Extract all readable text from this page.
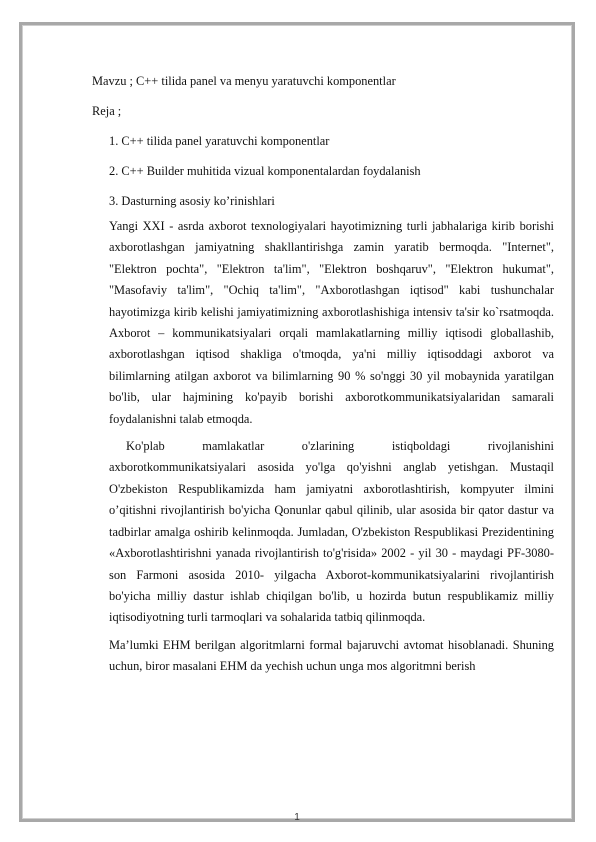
Mavzu ; C++ tilida panel va menyu yaratuvchi komponentlar

Reja ;

1. C++ tilida panel yaratuvchi komponentlar

2. C++ Builder muhitida vizual komponentalardan foydalanish

3. Dasturning asosiy ko’rinishlari

Yangi XXI - asrda axborot texnologiyalari hayotimizning turli jabhalariga kirib borishi axborotlashgan jamiyatning shakllantirishga zamin yaratib bermoqda. "Internet", "Elektron pochta", "Elektron ta'lim", "Elektron boshqaruv", "Elektron hukumat", "Masofaviy ta'lim", "Ochiq ta'lim", "Axborotlashgan iqtisod" kabi tushunchalar hayotimizga kirib kelishi jamiyatimizning axborotlashishiga intensiv ta'sir ko`rsatmoqda. Axborot – kommunikatsiyalari orqali mamlakatlarning milliy iqtisodi globallashib, axborotlashgan iqtisod shakliga o'tmoqda, ya'ni milliy iqtisoddagi axborot va bilimlarning atilgan axborot va bilimlarning 90 % so'nggi 30 yil mobaynida yaratilgan bo'lib, ular hajmining ko'payib borishi axborotkommunikatsiyalaridan samarali foydalanishni talab etmoqda.

Ko'plab mamlakatlar o'zlarining istiqboldagi rivojlanishini axborotkommunikatsiyalari asosida yo'lga qo'yishni anglab yetishgan. Mustaqil O'zbekiston Respublikamizda ham jamiyatni axborotlashtirish, kompyuter ilmini o’qitishni rivojlantirish bo'yicha Qonunlar qabul qilinib, ular asosida bir qator dastur va tadbirlar amalga oshirib kelinmoqda. Jumladan, O'zbekiston Respublikasi Prezidentining «Axborotlashtirishni yanada rivojlantirish to'g'risida» 2002 - yil 30 - maydagi PF-3080-son Farmoni asosida 2010- yilgacha Axborot-kommunikatsiyalarini rivojlantirish bo'yicha milliy dastur ishlab chiqilgan bo'lib, u hozirda butun respublikamiz milliy iqtisodiyotning turli tarmoqlari va sohalarida tatbiq qilinmoqda.

Ma’lumki EHM berilgan algoritmlarni formal bajaruvchi avtomat hisoblanadi. Shuning uchun, biror masalani EHM da yechish uchun unga mos algoritmni berish

1
